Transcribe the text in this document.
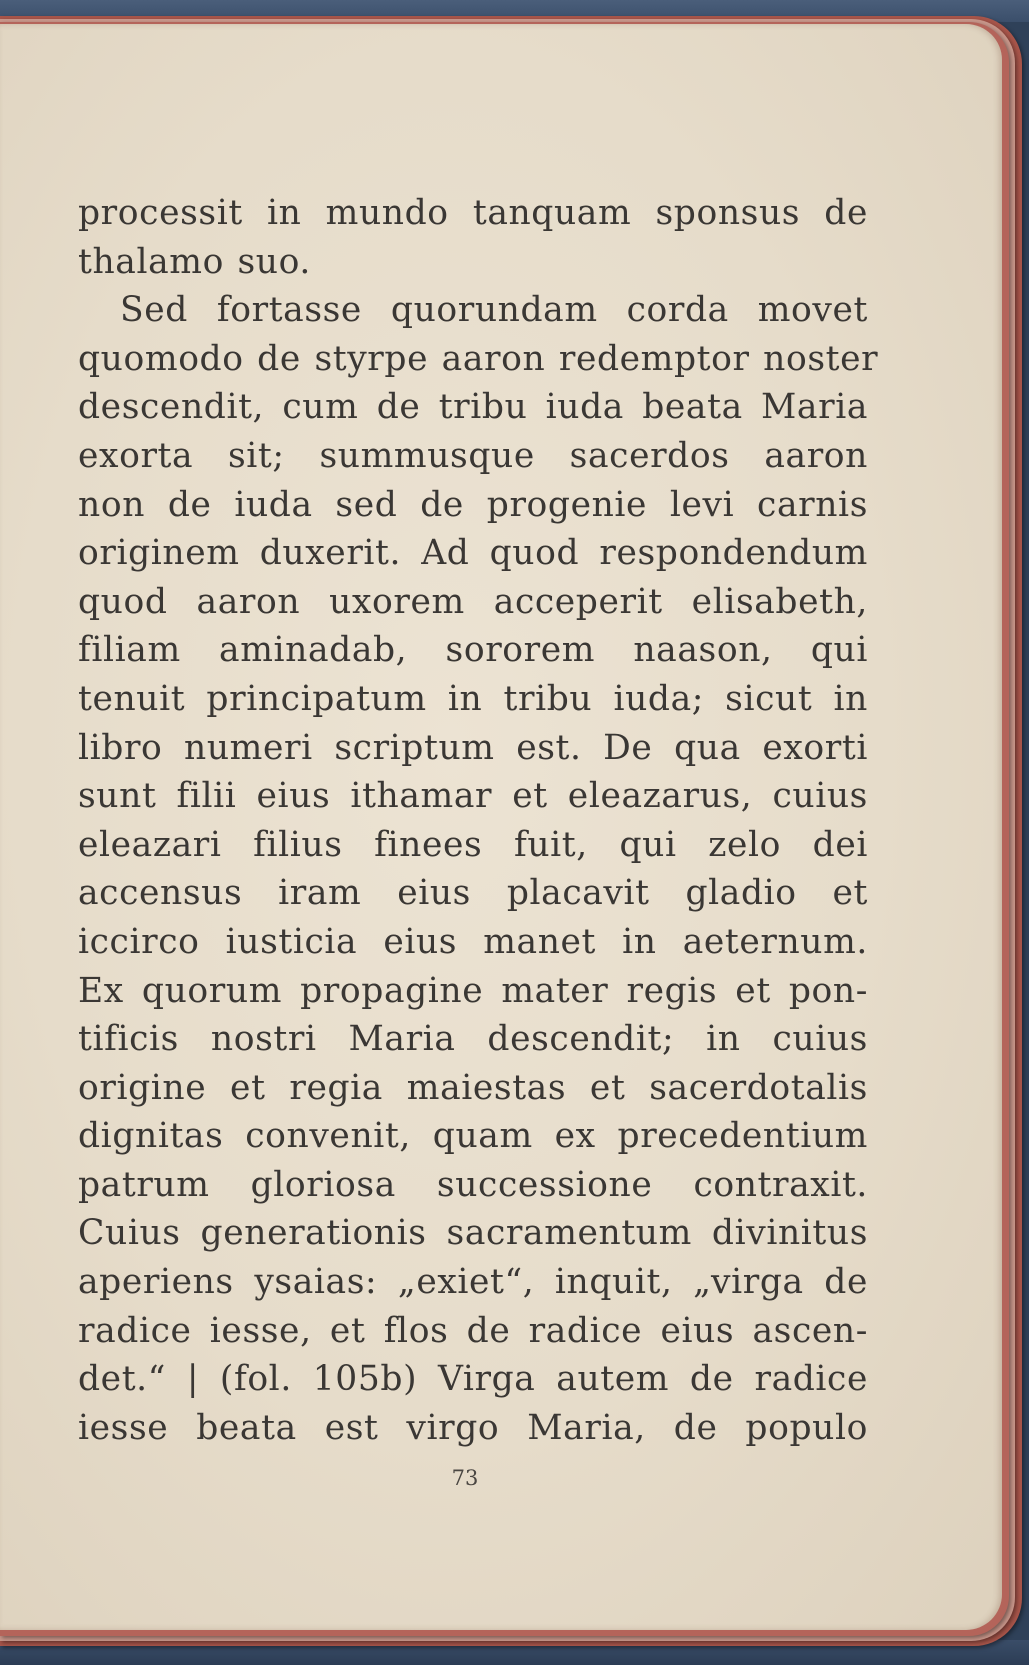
processit in mundo tanquam sponsus de
thalamo suo.
Sed fortasse quorundam corda movet
quomodo de styrpe aaron redemptor noster
descendit, cum de tribu iuda beata Maria
exorta sit; summusque sacerdos aaron
non de iuda sed de progenie levi carnis
originem duxerit. Ad quod respondendum
quod aaron uxorem acceperit elisabeth,
filiam aminadab, sororem naason, qui
tenuit principatum in tribu iuda; sicut in
libro numeri scriptum est. De qua exorti
sunt filii eius ithamar et eleazarus, cuius
eleazari filius finees fuit, qui zelo dei
accensus iram eius placavit gladio et
iccirco iusticia eius manet in aeternum.
Ex quorum propagine mater regis et pon-
tificis nostri Maria descendit; in cuius
origine et regia maiestas et sacerdotalis
dignitas convenit, quam ex precedentium
patrum gloriosa successione contraxit.
Cuius generationis sacramentum divinitus
aperiens ysaias: „exiet“, inquit, „virga de
radice iesse, et flos de radice eius ascen-
det.“ | (fol. 105b) Virga autem de radice
iesse beata est virgo Maria, de populo
73
